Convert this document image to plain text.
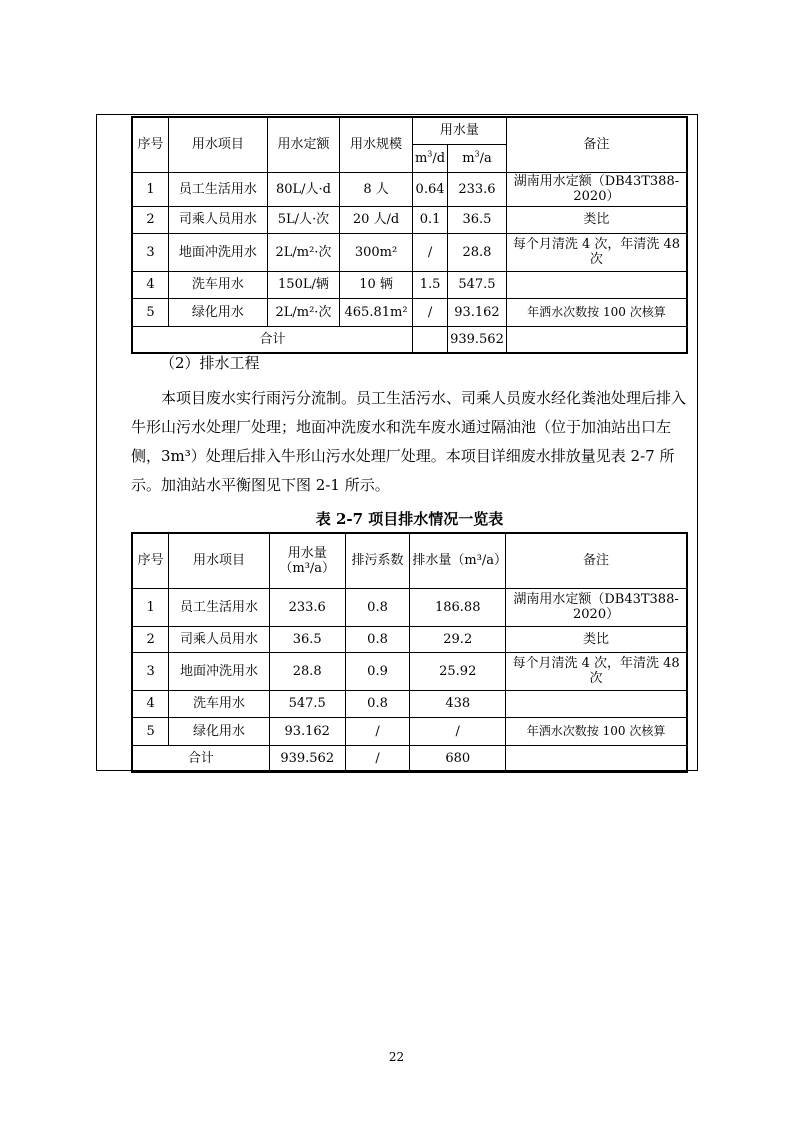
序号	用水项目	用水定额	用水规模	用水量		备注
				$m^3/d$	$m^3/a$	
1	员工生活用水	80L/人·d	8 人	0.64	233.6	湖南用水定额（DB43T388-2020）
2	司乘人员用水	5L/人·次	20 人/d	0.1	36.5	类比
3	地面冲洗用水	2L/m²·次	300m²	/	28.8	每个月清洗 4 次，年清洗 48 次
4	洗车用水	150L/辆	10 辆	1.5	547.5	
5	绿化用水	2L/m²·次	465.81m²	/	93.162	年洒水次数按 100 次核算
合计					939.562	
（2）排水工程
本项目废水实行雨污分流制。员工生活污水、司乘人员废水经化粪池处理后排入牛形山污水处理厂处理；地面冲洗废水和洗车废水通过隔油池（位于加油站出口左侧，3m³）处理后排入牛形山污水处理厂处理。本项目详细废水排放量见表 2-7 所示。加油站水平衡图见下图 2-1 所示。
表 2-7 项目排水情况一览表
序号	用水项目	用水量（m³/a）	排污系数	排水量（m³/a）	备注
1	员工生活用水	233.6	0.8	186.88	湖南用水定额（DB43T388-2020）
2	司乘人员用水	36.5	0.8	29.2	类比
3	地面冲洗用水	28.8	0.9	25.92	每个月清洗 4 次，年清洗 48 次
4	洗车用水	547.5	0.8	438	
5	绿化用水	93.162	/	/	年洒水次数按 100 次核算
合计		939.562	/	680	
22
